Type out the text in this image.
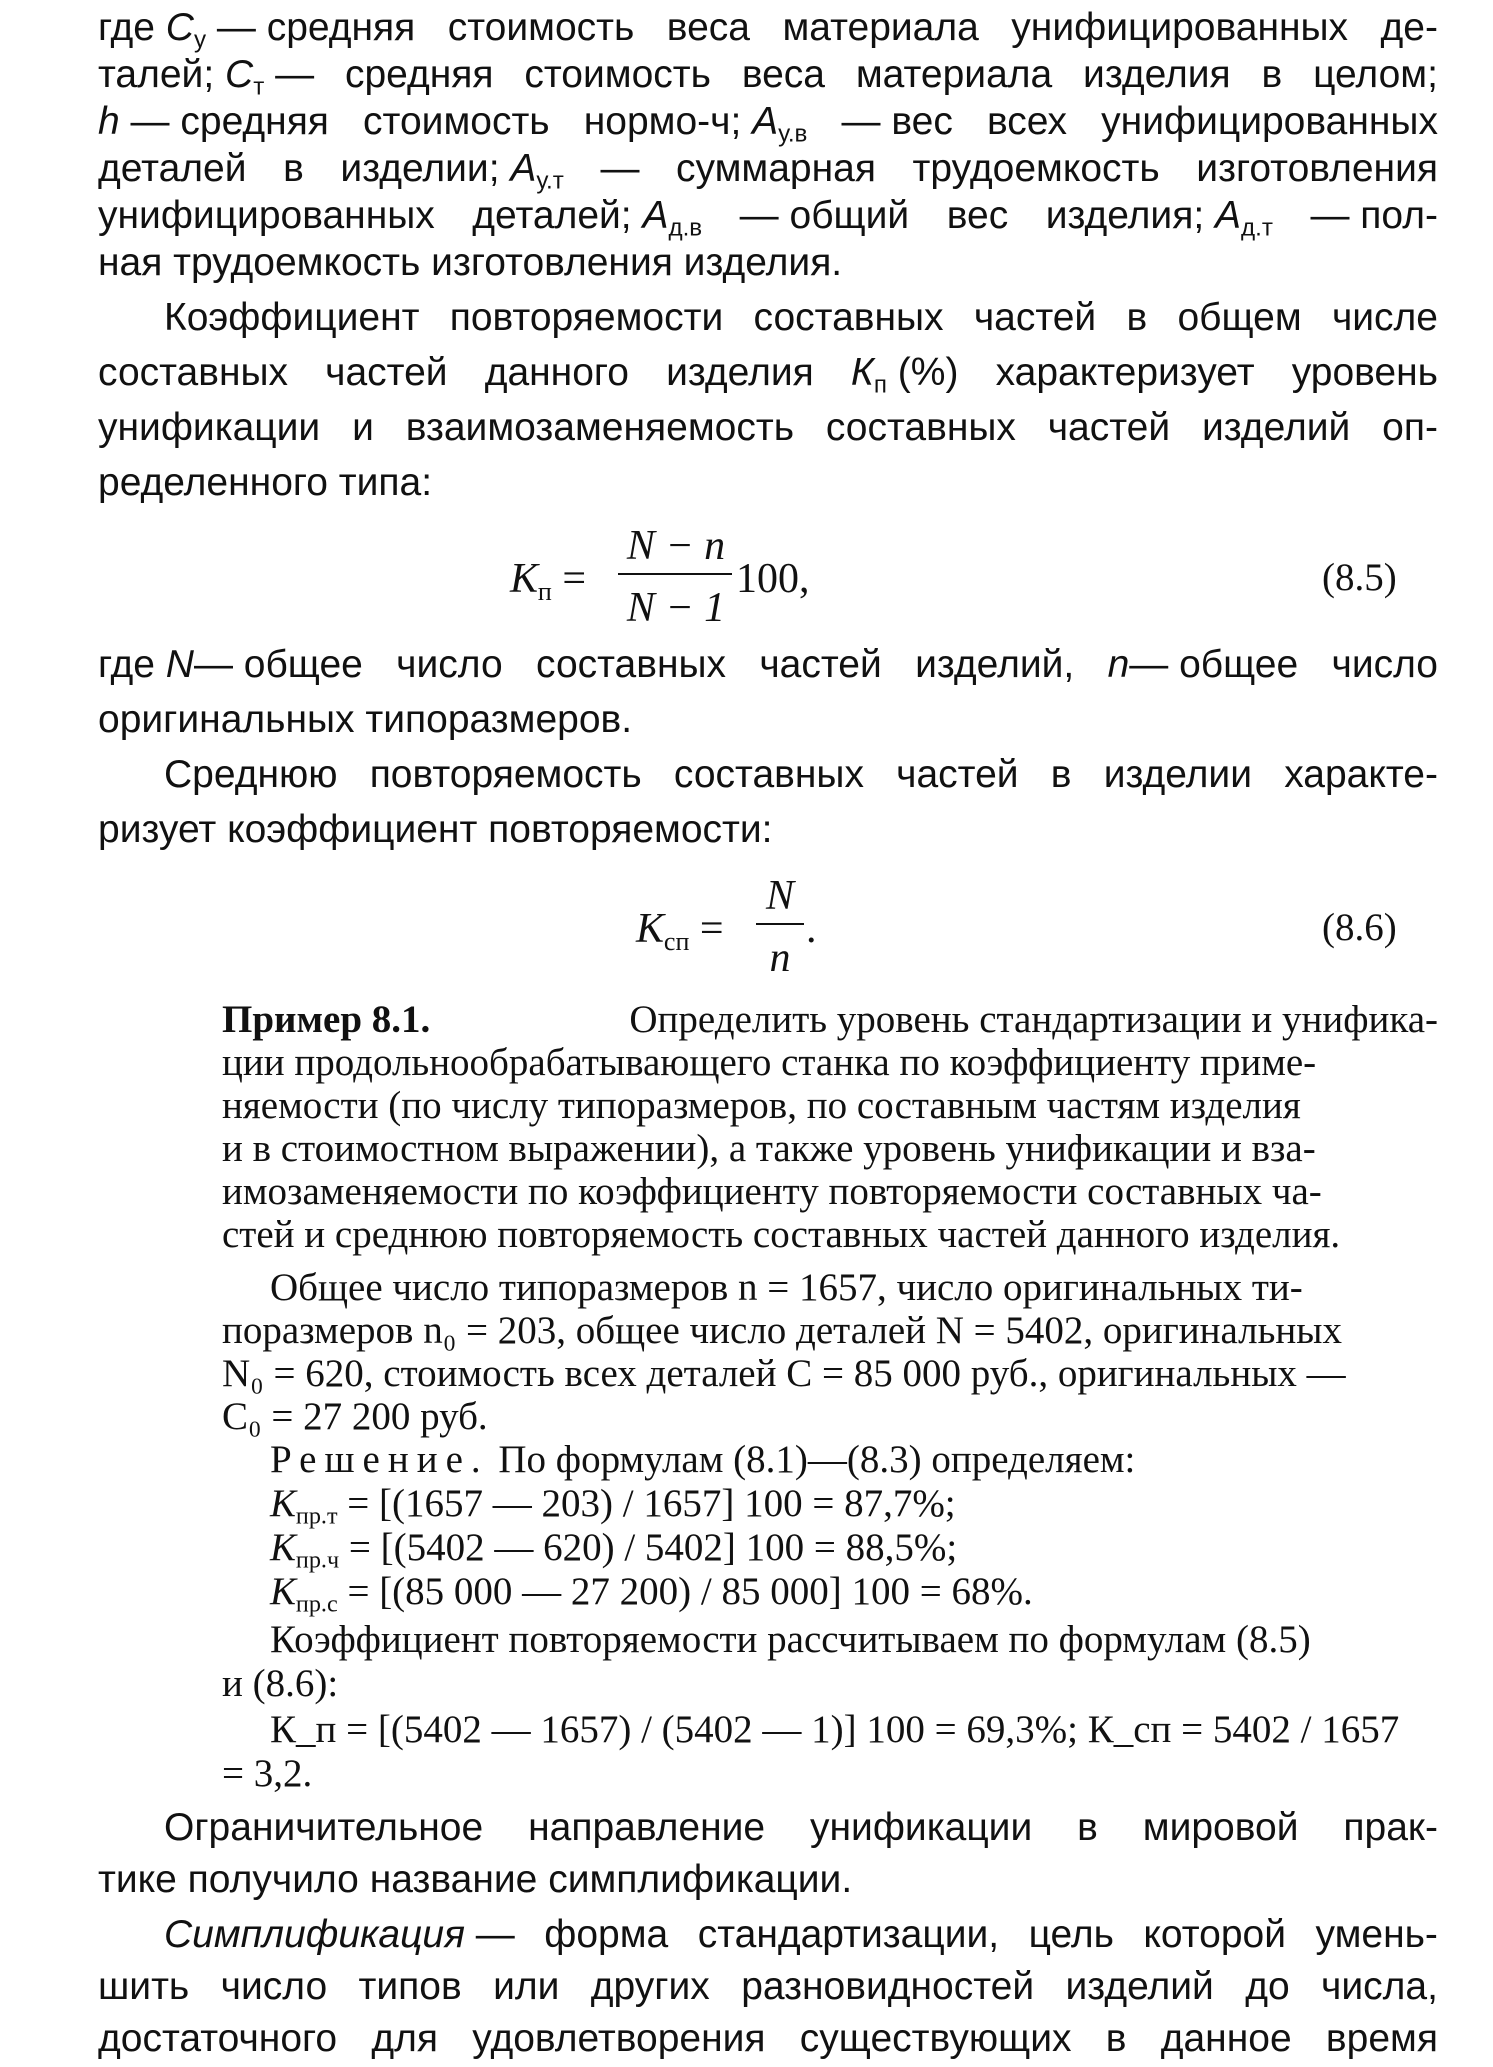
где $С_у$ — средняя стоимость веса материала унифицированных де-
талей; $С_т$ — средняя стоимость веса материала изделия в целом;
h — средняя стоимость нормо-ч; $А_{у.в}$ — вес всех унифицированных
деталей в изделии; $А_{у.т}$ — суммарная трудоемкость изготовления
унифицированных деталей; $А_{д.в}$ — общий вес изделия; $А_{д.т}$ — пол-
ная трудоемкость изготовления изделия.
Коэффициент повторяемости составных частей в общем числе
составных частей данного изделия $К_п$ (%) характеризует уровень
унификации и взаимозаменяемость составных частей изделий оп-
ределенного типа:
$К_п$ =
N − n
N − 1
100,	(8.5)
где N— общее число составных частей изделий, n— общее число
оригинальных типоразмеров.
Среднюю повторяемость составных частей в изделии характе-
ризует коэффициент повторяемости:
$К_{сп}$ =
N
n
.	(8.6)
Пример 8.1.	Определить уровень стандартизации и унифика-
ции продольнообрабатывающего станка по коэффициенту приме-
няемости (по числу типоразмеров, по составным частям изделия
и в стоимостном выражении), а также уровень унификации и вза-
имозаменяемости по коэффициенту повторяемости составных ча-
стей и среднюю повторяемость составных частей данного изделия.
Общее число типоразмеров n = 1657, число оригинальных ти-
поразмеров n₀ = 203, общее число деталей N = 5402, оригинальных
N₀ = 620, стоимость всех деталей C = 85 000 руб., оригинальных —
C₀ = 27 200 руб.
Решение. По формулам (8.1)—(8.3) определяем:
$К_{пр.т} = [(1657$ — 203) / 1657] 100 = 87,7%;
$К_{пр.ч} = [(5402$ — 620) / 5402] 100 = 88,5%;
$К_{пр.с} = [(85$ 000 — 27 200) / 85 000] 100 = 68%.
Коэффициент повторяемости рассчитываем по формулам (8.5)
и (8.6):
К_п = [(5402 — 1657) / (5402 — 1)] 100 = 69,3%; К_сп = 5402 / 1657
= 3,2.
Ограничительное направление унификации в мировой прак-
тике получило название симплификации.
Симплификация — форма стандартизации, цель которой умень-
шить число типов или других разновидностей изделий до числа,
достаточного для удовлетворения существующих в данное время
